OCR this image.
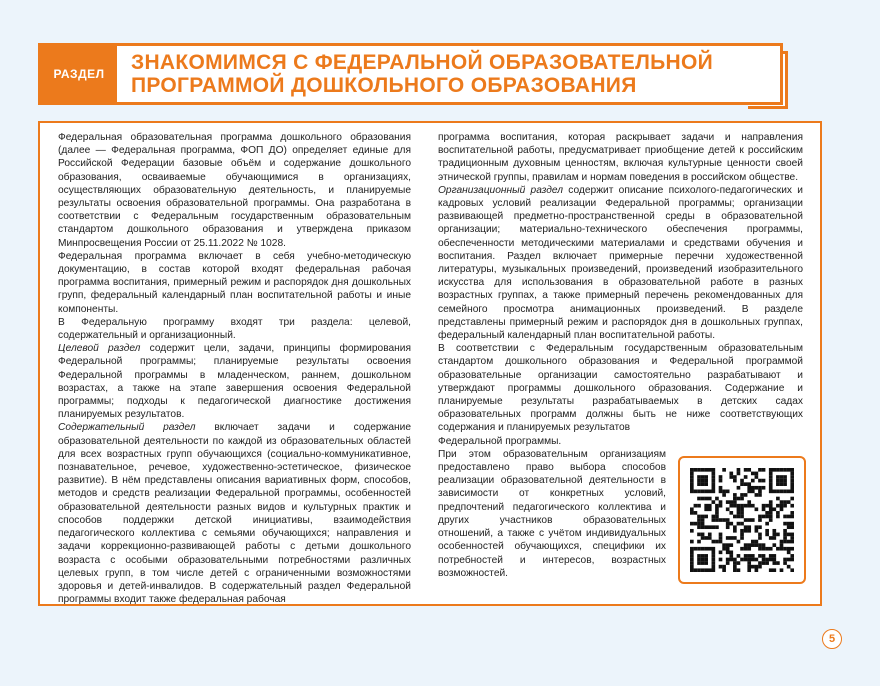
РАЗДЕЛ	ЗНАКОМИМСЯ С ФЕДЕРАЛЬНОЙ ОБРАЗОВАТЕЛЬНОЙ ПРОГРАММОЙ ДОШКОЛЬНОГО ОБРАЗОВАНИЯ

Федеральная образовательная программа дошкольного образования (далее — Федеральная программа, ФОП ДО) определяет единые для Российской Федерации базовые объём и содержание дошкольного образования, осваиваемые обучающимися в организациях, осуществляющих образовательную деятельность, и планируемые результаты освоения образовательной программы. Она разработана в соответствии с Федеральным государственным образовательным стандартом дошкольного образования и утверждена приказом Минпросвещения России от 25.11.2022 № 1028.

Федеральная программа включает в себя учебно-методическую документацию, в состав которой входят федеральная рабочая программа воспитания, примерный режим и распорядок дня дошкольных групп, федеральный календарный план воспитательной работы и иные компоненты.

В Федеральную программу входят три раздела: целевой, содержательный и организационный.

Целевой раздел содержит цели, задачи, принципы формирования Федеральной программы; планируемые результаты освоения Федеральной программы в младенческом, раннем, дошкольном возрастах, а также на этапе завершения освоения Федеральной программы; подходы к педагогической диагностике достижения планируемых результатов.

Содержательный раздел включает задачи и содержание образовательной деятельности по каждой из образовательных областей для всех возрастных групп обучающихся (социально-коммуникативное, познавательное, речевое, художественно-эстетическое, физическое развитие). В нём представлены описания вариативных форм, способов, методов и средств реализации Федеральной программы, особенностей образовательной деятельности разных видов и культурных практик и способов поддержки детской инициативы, взаимодействия педагогического коллектива с семьями обучающихся; направления и задачи коррекционно-развивающей работы с детьми дошкольного возраста с особыми образовательными потребностями различных целевых групп, в том числе детей с ограниченными возможностями здоровья и детей-инвалидов. В содержательный раздел Федеральной программы входит также федеральная рабочая

программа воспитания, которая раскрывает задачи и направления воспитательной работы, предусматривает приобщение детей к российским традиционным духовным ценностям, включая культурные ценности своей этнической группы, правилам и нормам поведения в российском обществе.

Организационный раздел содержит описание психолого-педагогических и кадровых условий реализации Федеральной программы; организации развивающей предметно-пространственной среды в образовательной организации; материально-технического обеспечения программы, обеспеченности методическими материалами и средствами обучения и воспитания. Раздел включает примерные перечни художественной литературы, музыкальных произведений, произведений изобразительного искусства для использования в образовательной работе в разных возрастных группах, а также примерный перечень рекомендованных для семейного просмотра анимационных произведений. В разделе представлены примерный режим и распорядок дня в дошкольных группах, федеральный календарный план воспитательной работы.

В соответствии с Федеральным государственным образовательным стандартом дошкольного образования и Федеральной программой образовательные организации самостоятельно разрабатывают и утверждают программы дошкольного образования. Содержание и планируемые результаты разрабатываемых в детских садах образовательных программ должны быть не ниже соответствующих содержания и планируемых результатов

Федеральной программы.

При этом образовательным организациям предоставлено право выбора способов реализации образовательной деятельности в зависимости от конкретных условий, предпочтений педагогического коллектива и других участников образовательных отношений, а также с учётом индивидуальных особенностей обучающихся, специфики их потребностей и интересов, возрастных возможностей.

5
